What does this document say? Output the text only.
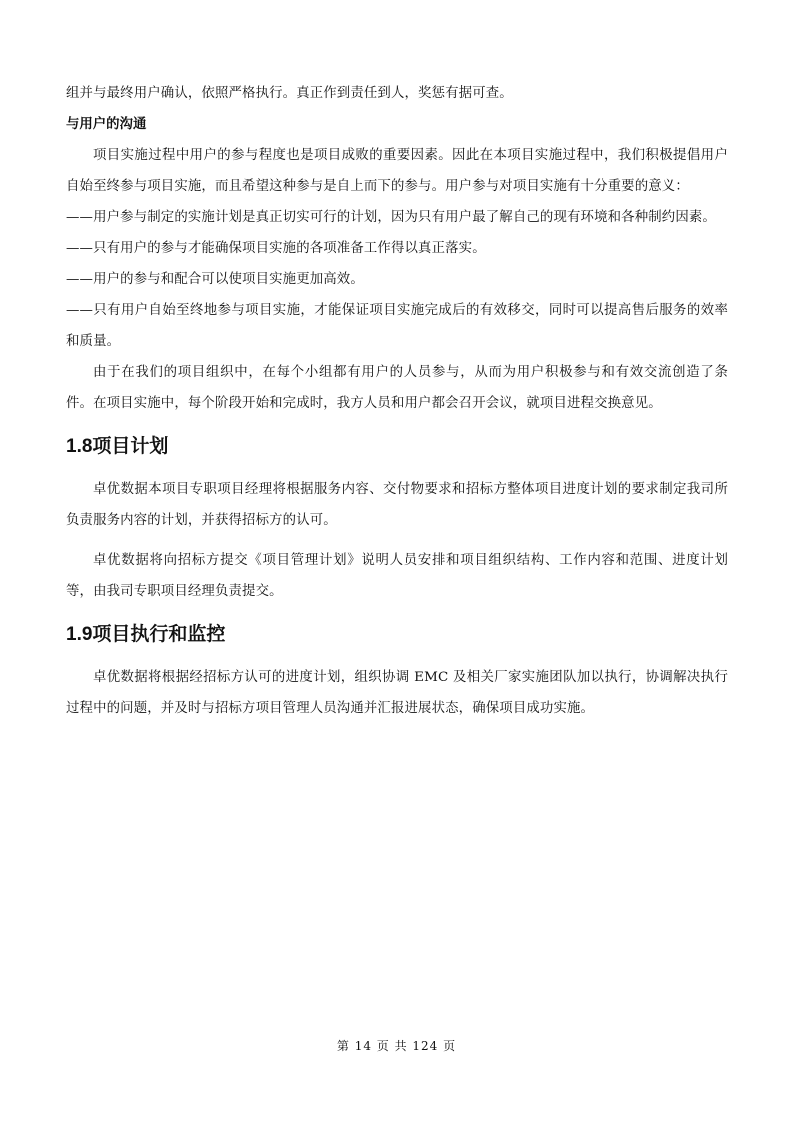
组并与最终用户确认，依照严格执行。真正作到责任到人，奖惩有据可查。

与用户的沟通

项目实施过程中用户的参与程度也是项目成败的重要因素。因此在本项目实施过程中，我们积极提倡用户自始至终参与项目实施，而且希望这种参与是自上而下的参与。用户参与对项目实施有十分重要的意义：

——用户参与制定的实施计划是真正切实可行的计划，因为只有用户最了解自己的现有环境和各种制约因素。

——只有用户的参与才能确保项目实施的各项准备工作得以真正落实。

——用户的参与和配合可以使项目实施更加高效。

——只有用户自始至终地参与项目实施，才能保证项目实施完成后的有效移交，同时可以提高售后服务的效率和质量。

由于在我们的项目组织中，在每个小组都有用户的人员参与，从而为用户积极参与和有效交流创造了条件。在项目实施中，每个阶段开始和完成时，我方人员和用户都会召开会议，就项目进程交换意见。

1.8项目计划

卓优数据本项目专职项目经理将根据服务内容、交付物要求和招标方整体项目进度计划的要求制定我司所负责服务内容的计划，并获得招标方的认可。

卓优数据将向招标方提交《项目管理计划》说明人员安排和项目组织结构、工作内容和范围、进度计划等，由我司专职项目经理负责提交。

1.9项目执行和监控

卓优数据将根据经招标方认可的进度计划，组织协调 EMC 及相关厂家实施团队加以执行，协调解决执行过程中的问题，并及时与招标方项目管理人员沟通并汇报进展状态，确保项目成功实施。

第 14 页 共 124 页
